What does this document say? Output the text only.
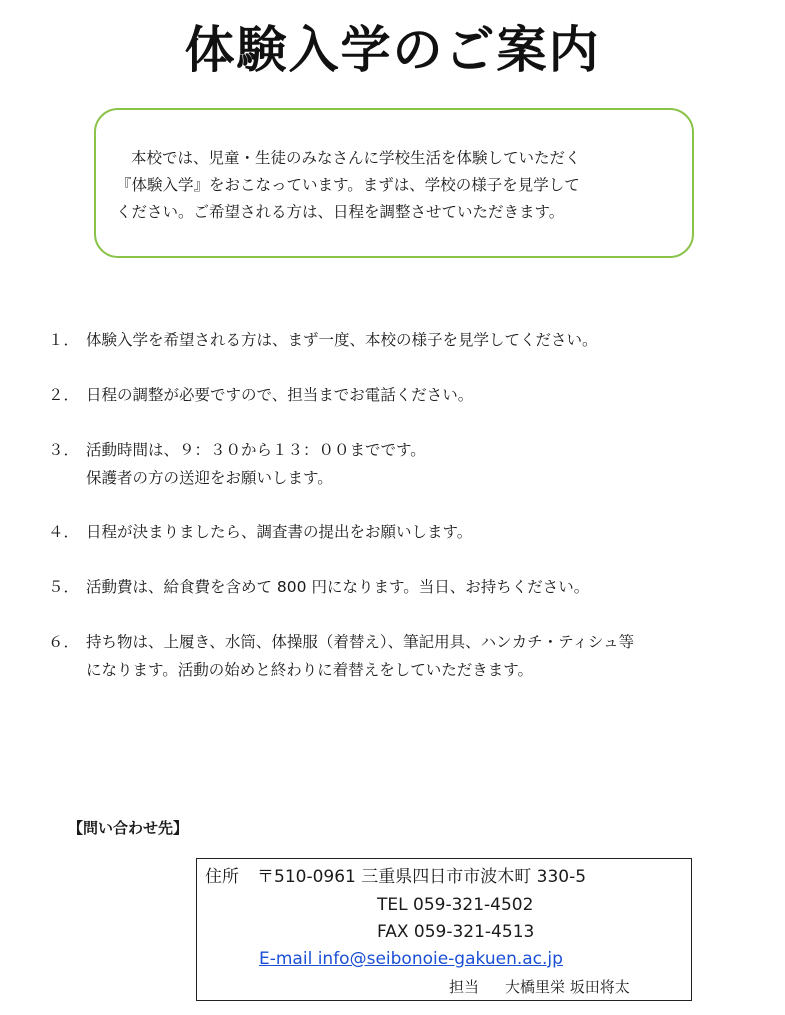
体験入学のご案内
本校では、児童・生徒のみなさんに学校生活を体験していただく
『体験入学』をおこなっています。まずは、学校の様子を見学して
ください。ご希望される方は、日程を調整させていただきます。
１． 体験入学を希望される方は、まず一度、本校の様子を見学してください。
２． 日程の調整が必要ですので、担当までお電話ください。
３． 活動時間は、９：３０から１３：００までです。
保護者の方の送迎をお願いします。
４． 日程が決まりましたら、調査書の提出をお願いします。
５． 活動費は、給食費を含めて 800 円になります。当日、お持ちください。
６． 持ち物は、上履き、水筒、体操服（着替え）、筆記用具、ハンカチ・ティシュ等
になります。活動の始めと終わりに着替えをしていただきます。
【問い合わせ先】
住所 〒510-0961 三重県四日市市波木町 330-5
TEL 059-321-4502
FAX 059-321-4513
E-mail info@seibonoie-gakuen.ac.jp
担当 大橋里栄 坂田将太
